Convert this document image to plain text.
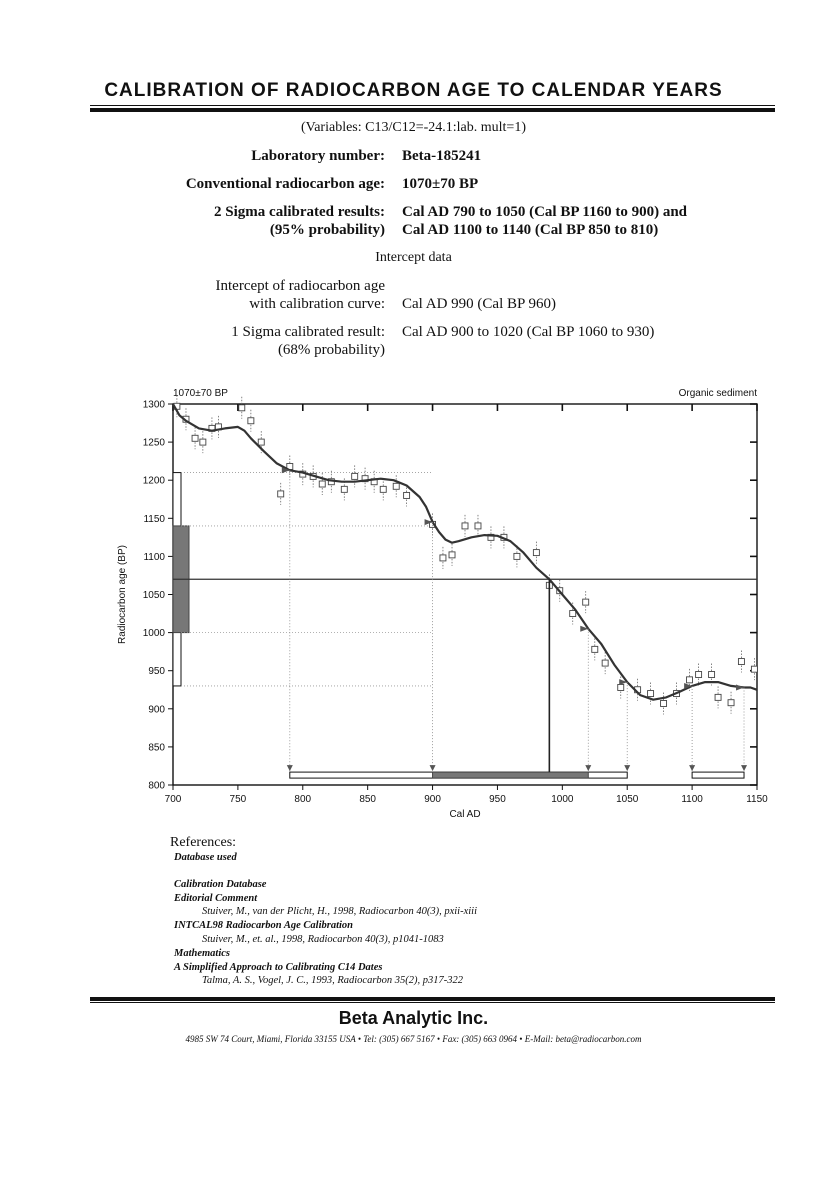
CALIBRATION OF RADIOCARBON AGE TO CALENDAR YEARS
(Variables: C13/C12=-24.1:lab. mult=1)
Laboratory number: Beta-185241
Conventional radiocarbon age: 1070±70 BP
2 Sigma calibrated results: Cal AD 790 to 1050 (Cal BP 1160 to 900) and
(95% probability) Cal AD 1100 to 1140 (Cal BP 850 to 810)
Intercept data
Intercept of radiocarbon age
with calibration curve: Cal AD 990 (Cal BP 960)
1 Sigma calibrated result: Cal AD 900 to 1020 (Cal BP 1060 to 930)
(68% probability)
800
850
900
950
1000
1050
1100
1150
1200
1250
1300
700	750	800	850	900	950	1000	1050	1100	1150
Cal AD
Radiocarbon age (BP)
1070±70 BP	Organic sediment
References:
Database used
Calibration Database
Editorial Comment
Stuiver, M., van der Plicht, H., 1998, Radiocarbon 40(3), pxii-xiii
INTCAL98 Radiocarbon Age Calibration
Stuiver, M., et. al., 1998, Radiocarbon 40(3), p1041-1083
Mathematics
A Simplified Approach to Calibrating C14 Dates
Talma, A. S., Vogel, J. C., 1993, Radiocarbon 35(2), p317-322
Beta Analytic Inc.
4985 SW 74 Court, Miami, Florida 33155 USA • Tel: (305) 667 5167 • Fax: (305) 663 0964 • E-Mail: beta@radiocarbon.com
